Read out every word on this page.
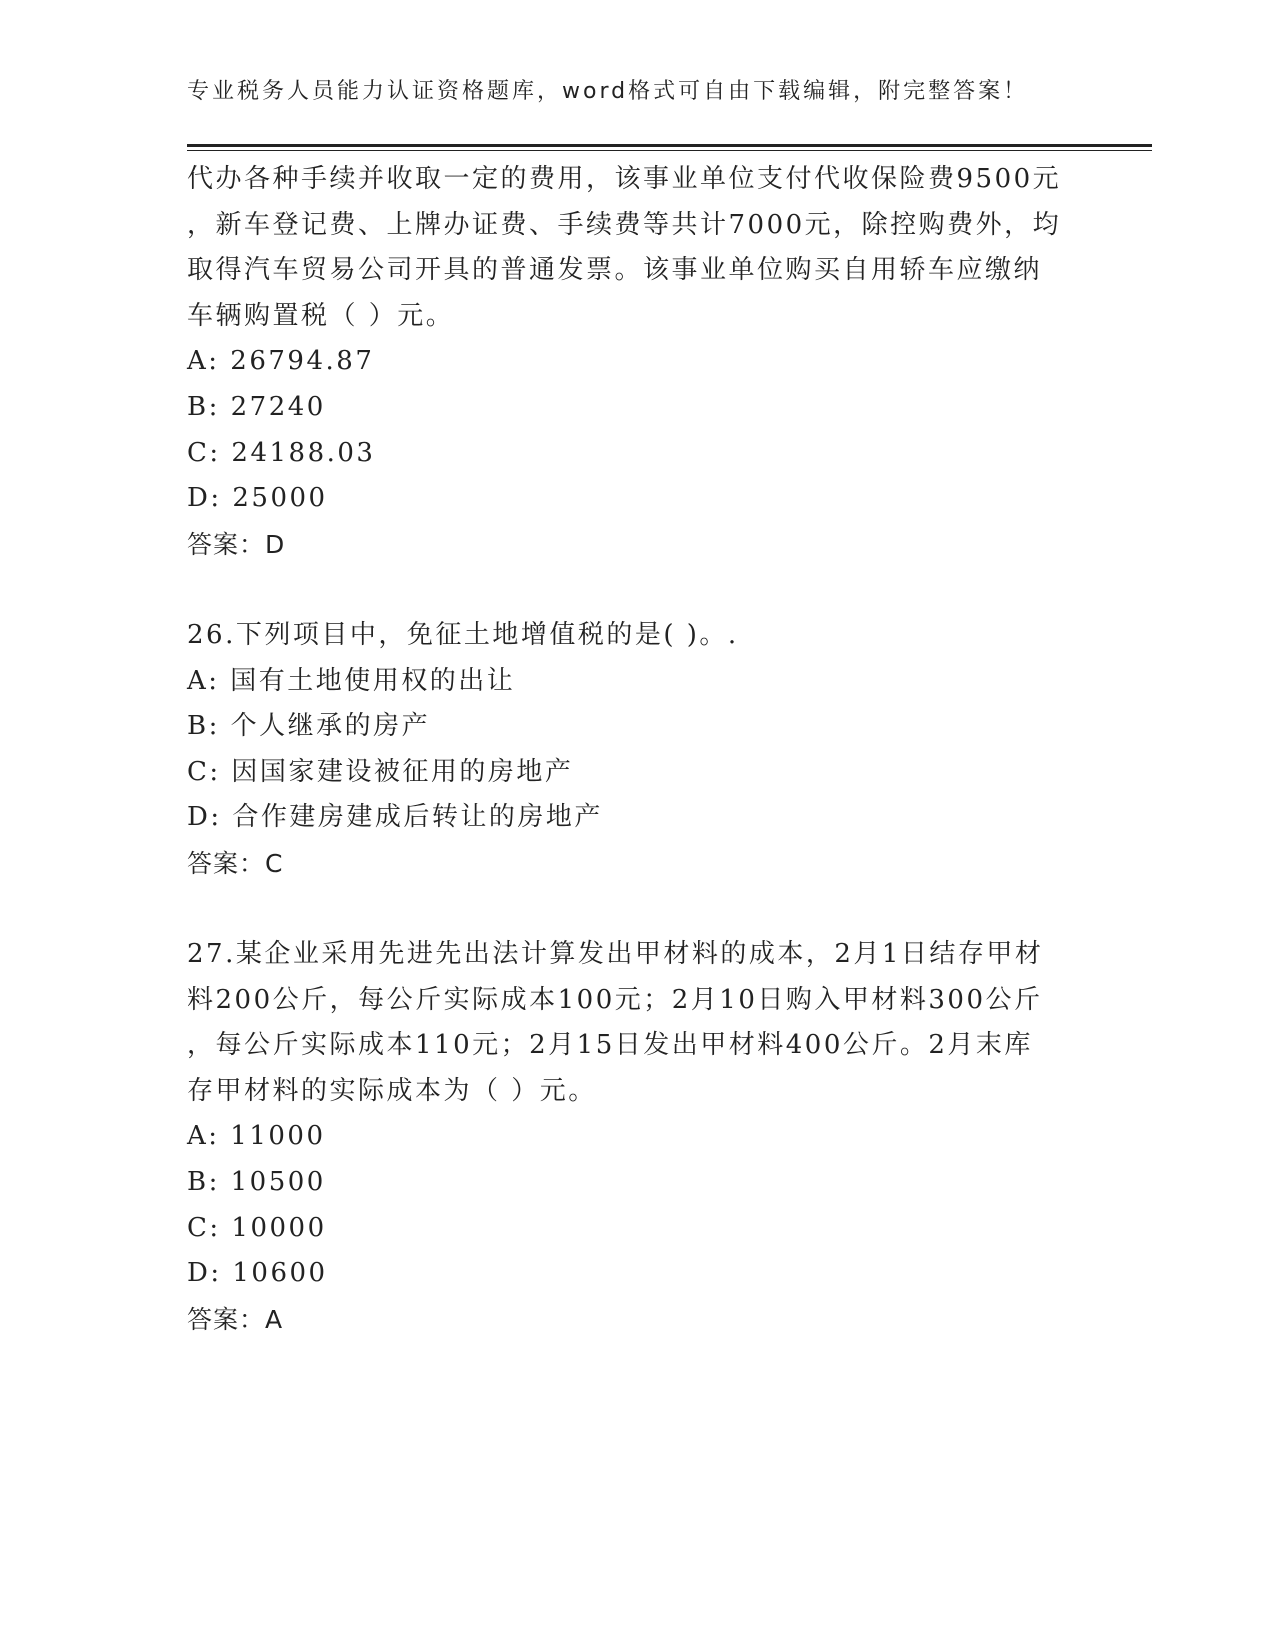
专业税务人员能力认证资格题库，word格式可自由下载编辑，附完整答案！
代办各种手续并收取一定的费用，该事业单位支付代收保险费9500元
，新车登记费、上牌办证费、手续费等共计7000元，除控购费外，均
取得汽车贸易公司开具的普通发票。该事业单位购买自用轿车应缴纳
车辆购置税（ ）元。
A: 26794.87
B: 27240
C: 24188.03
D: 25000
答案：D
26.下列项目中，免征土地增值税的是( )。.
A: 国有土地使用权的出让
B: 个人继承的房产
C: 因国家建设被征用的房地产
D: 合作建房建成后转让的房地产
答案：C
27.某企业采用先进先出法计算发出甲材料的成本，2月1日结存甲材
料200公斤，每公斤实际成本100元；2月10日购入甲材料300公斤
，每公斤实际成本110元；2月15日发出甲材料400公斤。2月末库
存甲材料的实际成本为（ ）元。
A: 11000
B: 10500
C: 10000
D: 10600
答案：A
